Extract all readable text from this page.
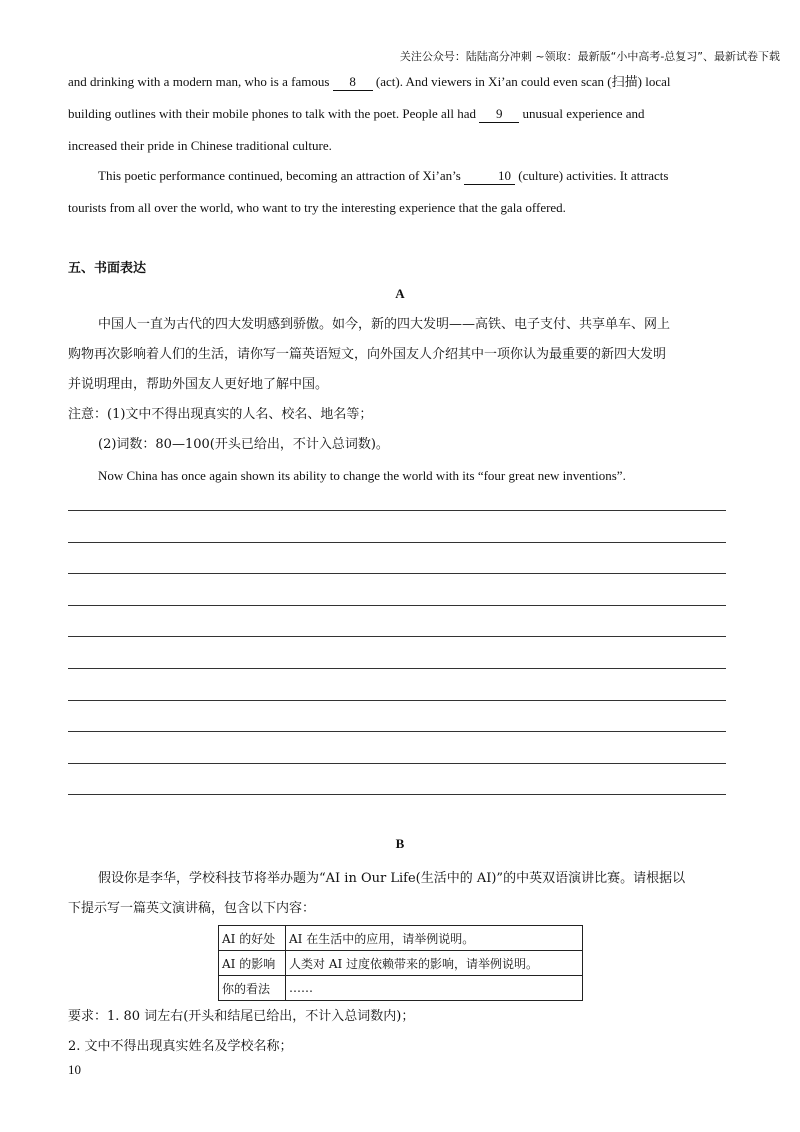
关注公众号：陆陆高分冲刺 ~领取：最新版“小中高考-总复习”、最新试卷下载
and drinking with a modern man, who is a famous 8 (act). And viewers in Xi’an could even scan (扫描) local
building outlines with their mobile phones to talk with the poet. People all had 9 unusual experience and
increased their pride in Chinese traditional culture.
This poetic performance continued, becoming an attraction of Xi’an’s	10 (culture) activities. It attracts
tourists from all over the world, who want to try the interesting experience that the gala offered.
五、书面表达
A
中国人一直为古代的四大发明感到骄傲。如今，新的四大发明——高铁、电子支付、共享单车、网上
购物再次影响着人们的生活，请你写一篇英语短文，向外国友人介绍其中一项你认为最重要的新四大发明
并说明理由，帮助外国友人更好地了解中国。
注意：(1)文中不得出现真实的人名、校名、地名等；
(2)词数：80—100(开头已给出，不计入总词数)。
Now China has once again shown its ability to change the world with its “four great new inventions”.
B
假设你是李华，学校科技节将举办题为“AI in Our Life(生活中的 AI)”的中英双语演讲比赛。请根据以
下提示写一篇英文演讲稿，包含以下内容：
AI 的好处	AI 在生活中的应用，请举例说明。
AI 的影响	人类对 AI 过度依赖带来的影响，请举例说明。
你的看法	……
要求：1. 80 词左右(开头和结尾已给出，不计入总词数内)；
2. 文中不得出现真实姓名及学校名称；
10
